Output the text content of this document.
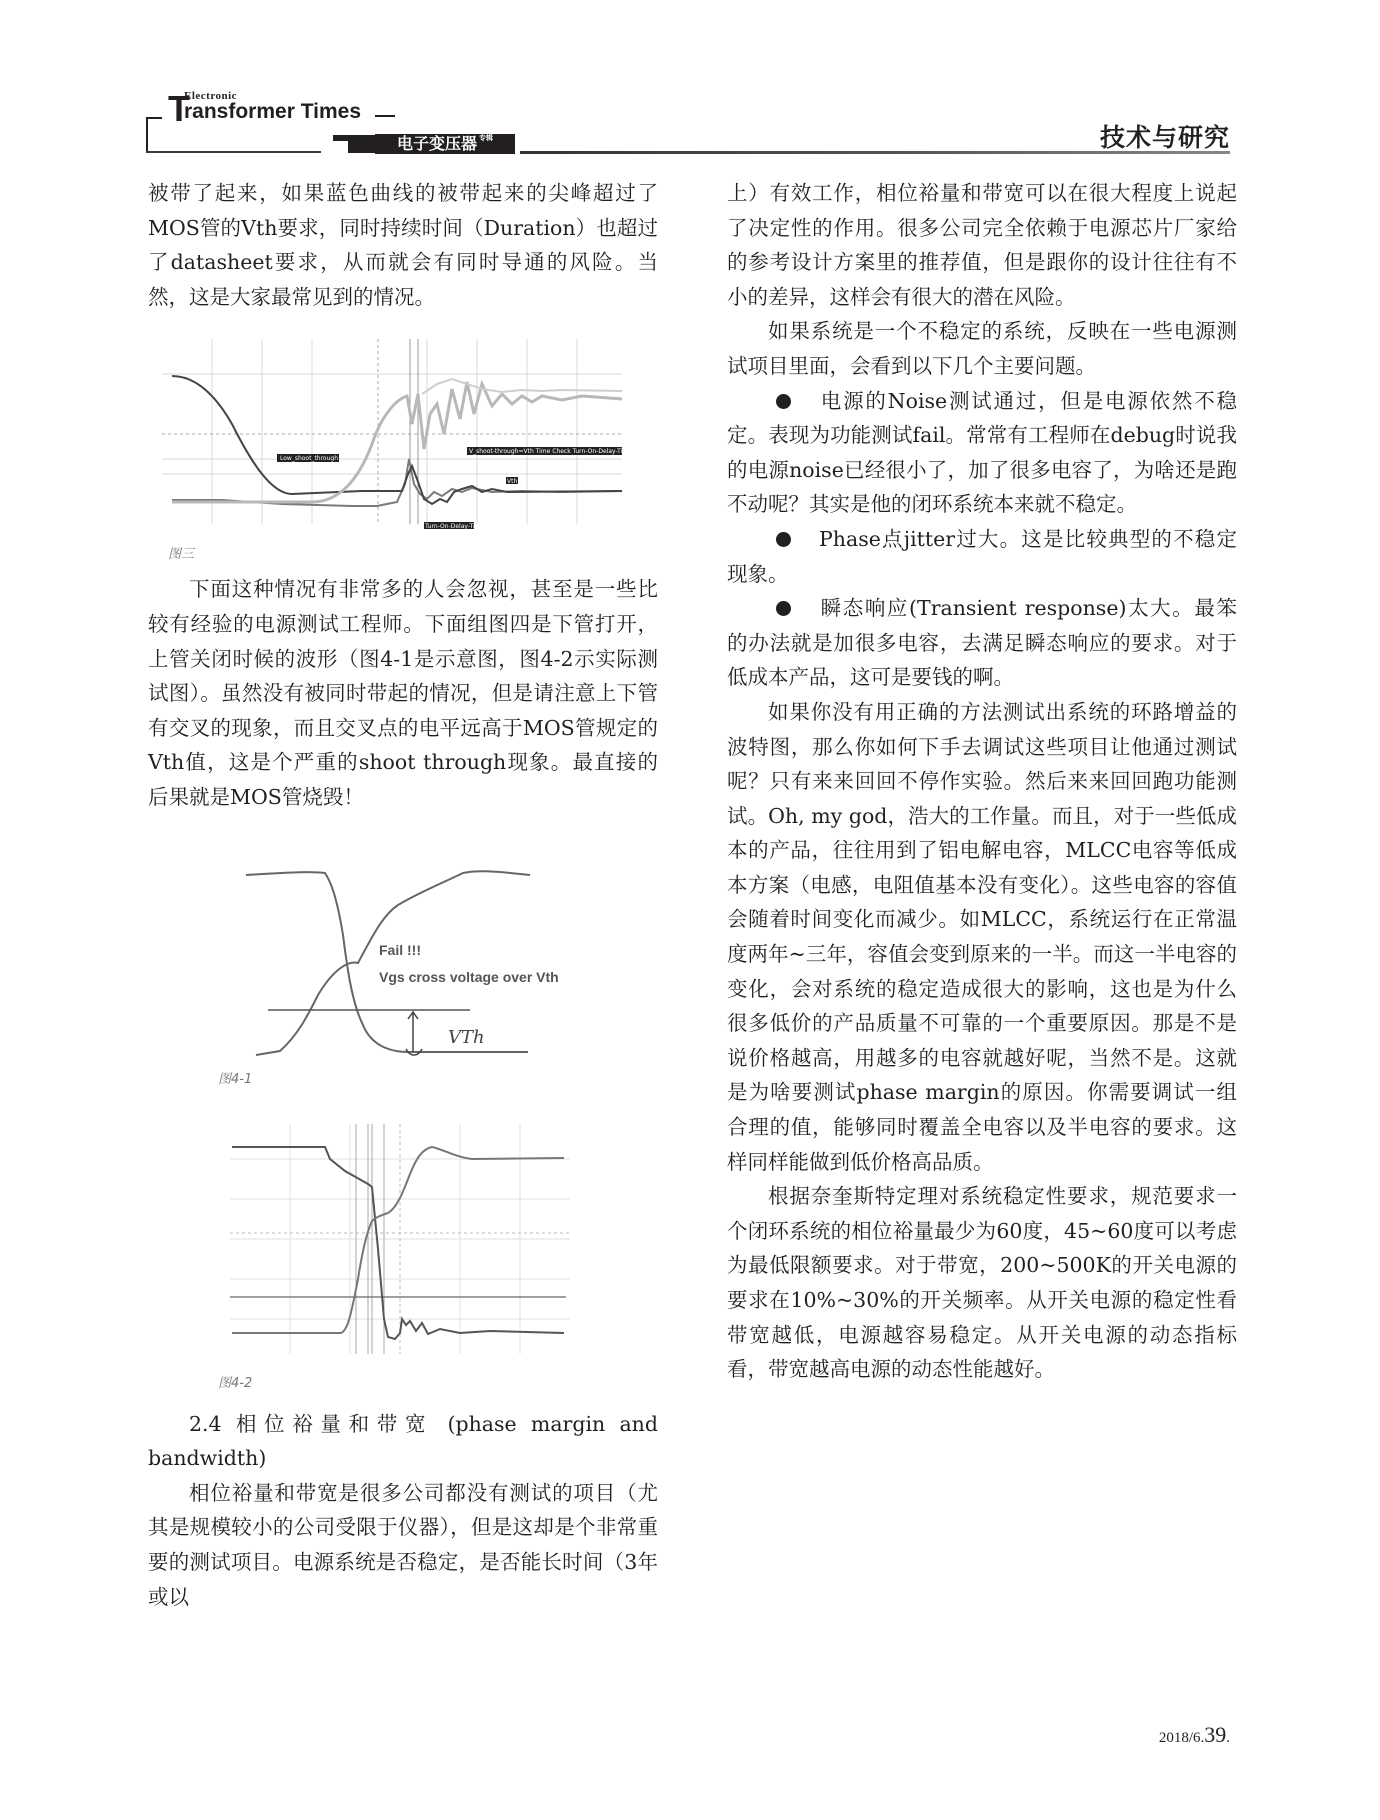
T
Electronic
ransformer Times
电子变压器 专辑	技术与研究

被带了起来，如果蓝色曲线的被带起来的尖峰超过了MOS管的Vth要求，同时持续时间（Duration）也超过了datasheet要求，从而就会有同时导通的风险。当然，这是大家最常见到的情况。

Low_shoot_through
V_shoot-through=Vth Time Check Turn-On-Delay-Time
Vth
Turn-On-Delay-Time
图三

下面这种情况有非常多的人会忽视，甚至是一些比较有经验的电源测试工程师。下面组图四是下管打开，上管关闭时候的波形（图4-1是示意图，图4-2示实际测试图）。虽然没有被同时带起的情况，但是请注意上下管有交叉的现象，而且交叉点的电平远高于MOS管规定的Vth值，这是个严重的shoot through现象。最直接的后果就是MOS管烧毁！

Fail !!!
Vgs cross voltage over Vth
VTh
图4-1
图4-2

2.4 相位裕量和带宽 (phase margin and bandwidth)

相位裕量和带宽是很多公司都没有测试的项目（尤其是规模较小的公司受限于仪器），但是这却是个非常重要的测试项目。电源系统是否稳定，是否能长时间（3年或以

上）有效工作，相位裕量和带宽可以在很大程度上说起了决定性的作用。很多公司完全依赖于电源芯片厂家给的参考设计方案里的推荐值，但是跟你的设计往往有不小的差异，这样会有很大的潜在风险。

如果系统是一个不稳定的系统，反映在一些电源测试项目里面，会看到以下几个主要问题。

电源的Noise测试通过，但是电源依然不稳定。表现为功能测试fail。常常有工程师在debug时说我的电源noise已经很小了，加了很多电容了，为啥还是跑不动呢？其实是他的闭环系统本来就不稳定。

Phase点jitter过大。这是比较典型的不稳定现象。

瞬态响应(Transient response)太大。最笨的办法就是加很多电容，去满足瞬态响应的要求。对于低成本产品，这可是要钱的啊。

如果你没有用正确的方法测试出系统的环路增益的波特图，那么你如何下手去调试这些项目让他通过测试呢？只有来来回回不停作实验。然后来来回回跑功能测试。Oh, my god，浩大的工作量。而且，对于一些低成本的产品，往往用到了铝电解电容，MLCC电容等低成本方案（电感，电阻值基本没有变化）。这些电容的容值会随着时间变化而减少。如MLCC，系统运行在正常温度两年~三年，容值会变到原来的一半。而这一半电容的变化，会对系统的稳定造成很大的影响，这也是为什么很多低价的产品质量不可靠的一个重要原因。那是不是说价格越高，用越多的电容就越好呢，当然不是。这就是为啥要测试phase margin的原因。你需要调试一组合理的值，能够同时覆盖全电容以及半电容的要求。这样同样能做到低价格高品质。

根据奈奎斯特定理对系统稳定性要求，规范要求一个闭环系统的相位裕量最少为60度，45~60度可以考虑为最低限额要求。对于带宽，200~500K的开关电源的要求在10%~30%的开关频率。从开关电源的稳定性看带宽越低，电源越容易稳定。从开关电源的动态指标看，带宽越高电源的动态性能越好。

2018/6.39.
